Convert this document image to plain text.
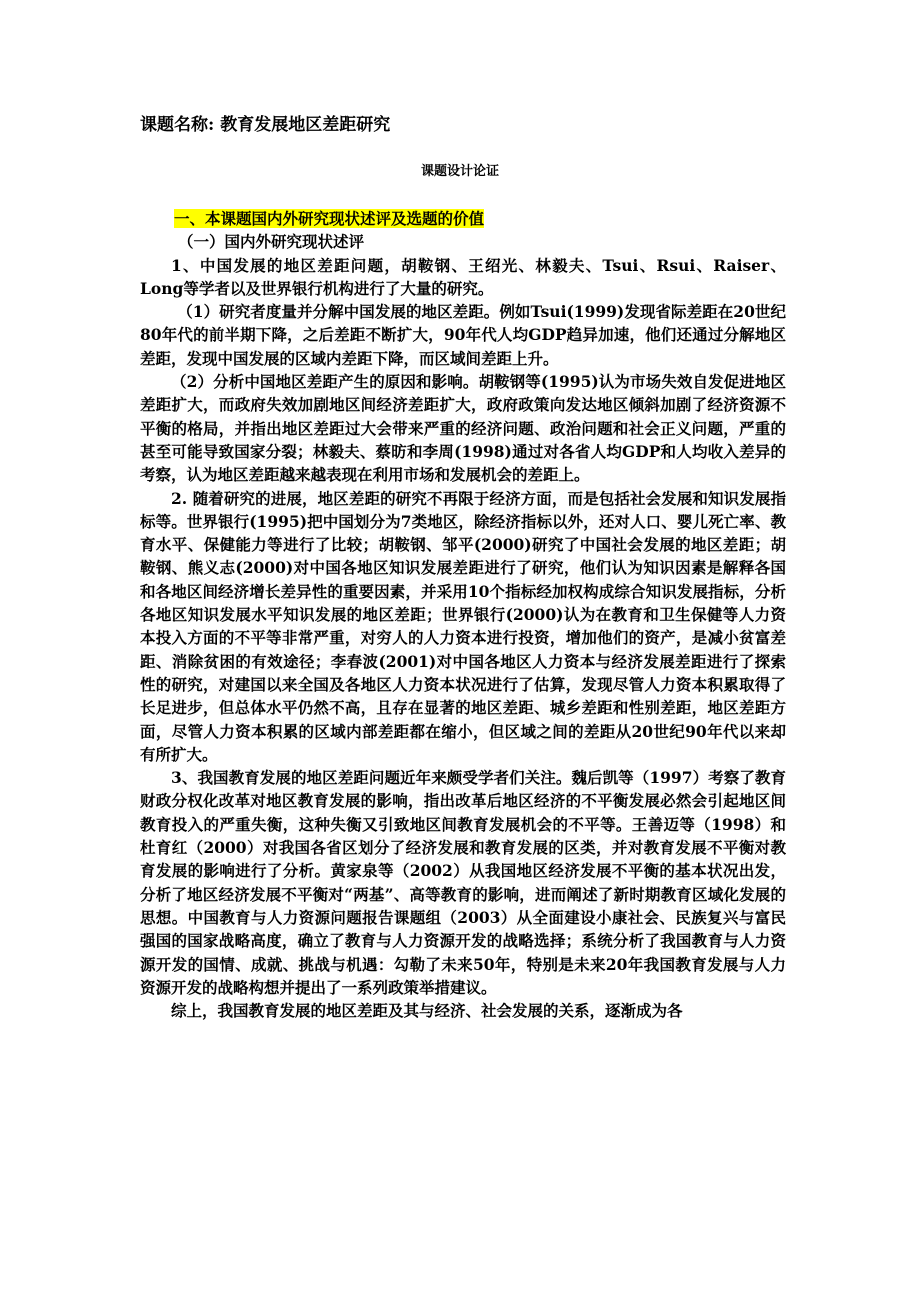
课题名称: 教育发展地区差距研究
课题设计论证

一、本课题国内外研究现状述评及选题的价值

（一）国内外研究现状述评

1、中国发展的地区差距问题，胡鞍钢、王绍光、林毅夫、Tsui、Rsui、Raiser、Long等学者以及世界银行机构进行了大量的研究。

（1）研究者度量并分解中国发展的地区差距。例如Tsui(1999)发现省际差距在20世纪80年代的前半期下降，之后差距不断扩大，90年代人均GDP趋异加速，他们还通过分解地区差距，发现中国发展的区域内差距下降，而区域间差距上升。

（2）分析中国地区差距产生的原因和影响。胡鞍钢等(1995)认为市场失效自发促进地区差距扩大，而政府失效加剧地区间经济差距扩大，政府政策向发达地区倾斜加剧了经济资源不平衡的格局，并指出地区差距过大会带来严重的经济问题、政治问题和社会正义问题，严重的甚至可能导致国家分裂；林毅夫、蔡昉和李周(1998)通过对各省人均GDP和人均收入差异的考察，认为地区差距越来越表现在利用市场和发展机会的差距上。

2. 随着研究的进展，地区差距的研究不再限于经济方面，而是包括社会发展和知识发展指标等。世界银行(1995)把中国划分为7类地区，除经济指标以外，还对人口、婴儿死亡率、教育水平、保健能力等进行了比较；胡鞍钢、邹平(2000)研究了中国社会发展的地区差距；胡鞍钢、熊义志(2000)对中国各地区知识发展差距进行了研究，他们认为知识因素是解释各国和各地区间经济增长差异性的重要因素，并采用10个指标经加权构成综合知识发展指标，分析各地区知识发展水平知识发展的地区差距；世界银行(2000)认为在教育和卫生保健等人力资本投入方面的不平等非常严重，对穷人的人力资本进行投资，增加他们的资产，是减小贫富差距、消除贫困的有效途径；李春波(2001)对中国各地区人力资本与经济发展差距进行了探索性的研究，对建国以来全国及各地区人力资本状况进行了估算，发现尽管人力资本积累取得了长足进步，但总体水平仍然不高，且存在显著的地区差距、城乡差距和性别差距，地区差距方面，尽管人力资本积累的区域内部差距都在缩小，但区域之间的差距从20世纪90年代以来却有所扩大。

3、我国教育发展的地区差距问题近年来颇受学者们关注。魏后凯等（1997）考察了教育财政分权化改革对地区教育发展的影响，指出改革后地区经济的不平衡发展必然会引起地区间教育投入的严重失衡，这种失衡又引致地区间教育发展机会的不平等。王善迈等（1998）和杜育红（2000）对我国各省区划分了经济发展和教育发展的区类，并对教育发展不平衡对教育发展的影响进行了分析。黄家泉等（2002）从我国地区经济发展不平衡的基本状况出发，分析了地区经济发展不平衡对“两基”、高等教育的影响，进而阐述了新时期教育区域化发展的思想。中国教育与人力资源问题报告课题组（2003）从全面建设小康社会、民族复兴与富民强国的国家战略高度，确立了教育与人力资源开发的战略选择；系统分析了我国教育与人力资源开发的国情、成就、挑战与机遇：勾勒了未来50年，特别是未来20年我国教育发展与人力资源开发的战略构想并提出了一系列政策举措建议。

综上，我国教育发展的地区差距及其与经济、社会发展的关系，逐渐成为各
